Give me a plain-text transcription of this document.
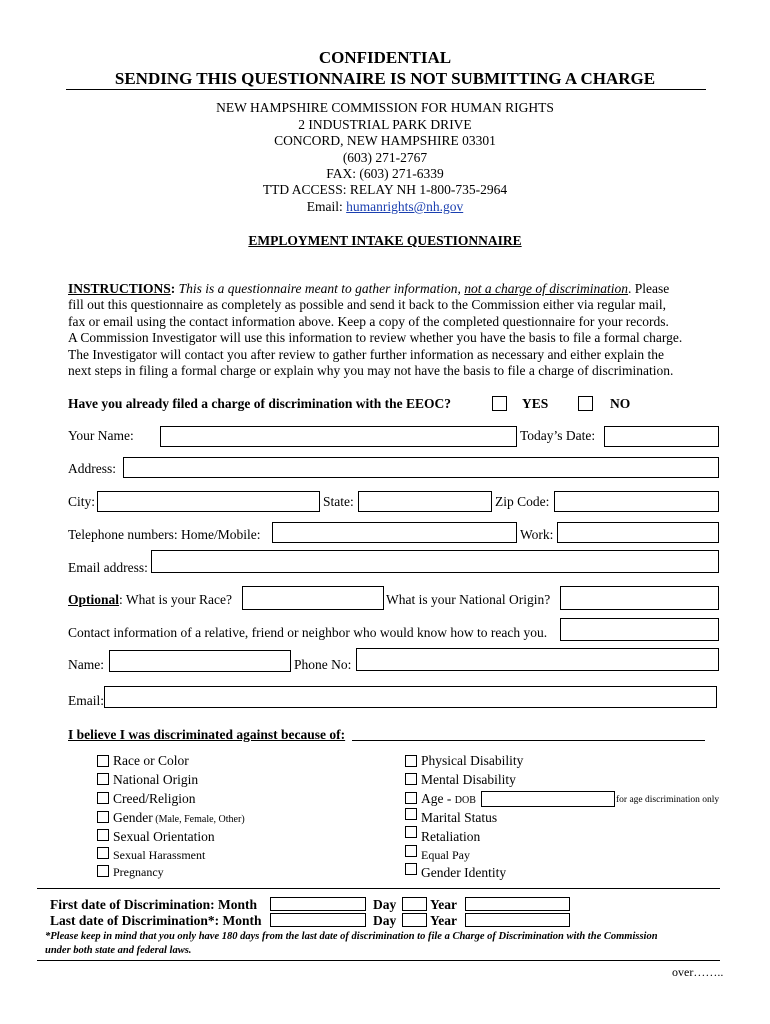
CONFIDENTIAL
SENDING THIS QUESTIONNAIRE IS NOT SUBMITTING A CHARGE
NEW HAMPSHIRE COMMISSION FOR HUMAN RIGHTS
2 INDUSTRIAL PARK DRIVE
CONCORD, NEW HAMPSHIRE 03301
(603) 271-2767
FAX: (603) 271-6339
TTD ACCESS: RELAY NH 1-800-735-2964
Email: humanrights@nh.gov
EMPLOYMENT INTAKE QUESTIONNAIRE
INSTRUCTIONS: This is a questionnaire meant to gather information, not a charge of discrimination. Please
fill out this questionnaire as completely as possible and send it back to the Commission either via regular mail,
fax or email using the contact information above. Keep a copy of the completed questionnaire for your records.
A Commission Investigator will use this information to review whether you have the basis to file a formal charge.
The Investigator will contact you after review to gather further information as necessary and either explain the
next steps in filing a formal charge or explain why you may not have the basis to file a charge of discrimination.
Have you already filed a charge of discrimination with the EEOC?	YES	NO
Your Name:	Today’s Date:
Address:
City:	State:	Zip Code:
Telephone numbers: Home/Mobile:	Work:
Email address:
Optional: What is your Race?	What is your National Origin?
Contact information of a relative, friend or neighbor who would know how to reach you.
Name:	Phone No:
Email:
I believe I was discriminated against because of:
Race or Color
National Origin
Creed/Religion
Gender (Male, Female, Other)
Sexual Orientation
Sexual Harassment
Pregnancy
Physical Disability
Mental Disability
Age - DOB	for age discrimination only
Marital Status
Retaliation
Equal Pay
Gender Identity
First date of Discrimination: Month	Day	Year
Last date of Discrimination*: Month	Day	Year
*Please keep in mind that you only have 180 days from the last date of discrimination to file a Charge of Discrimination with the Commission
under both state and federal laws.
over……..
